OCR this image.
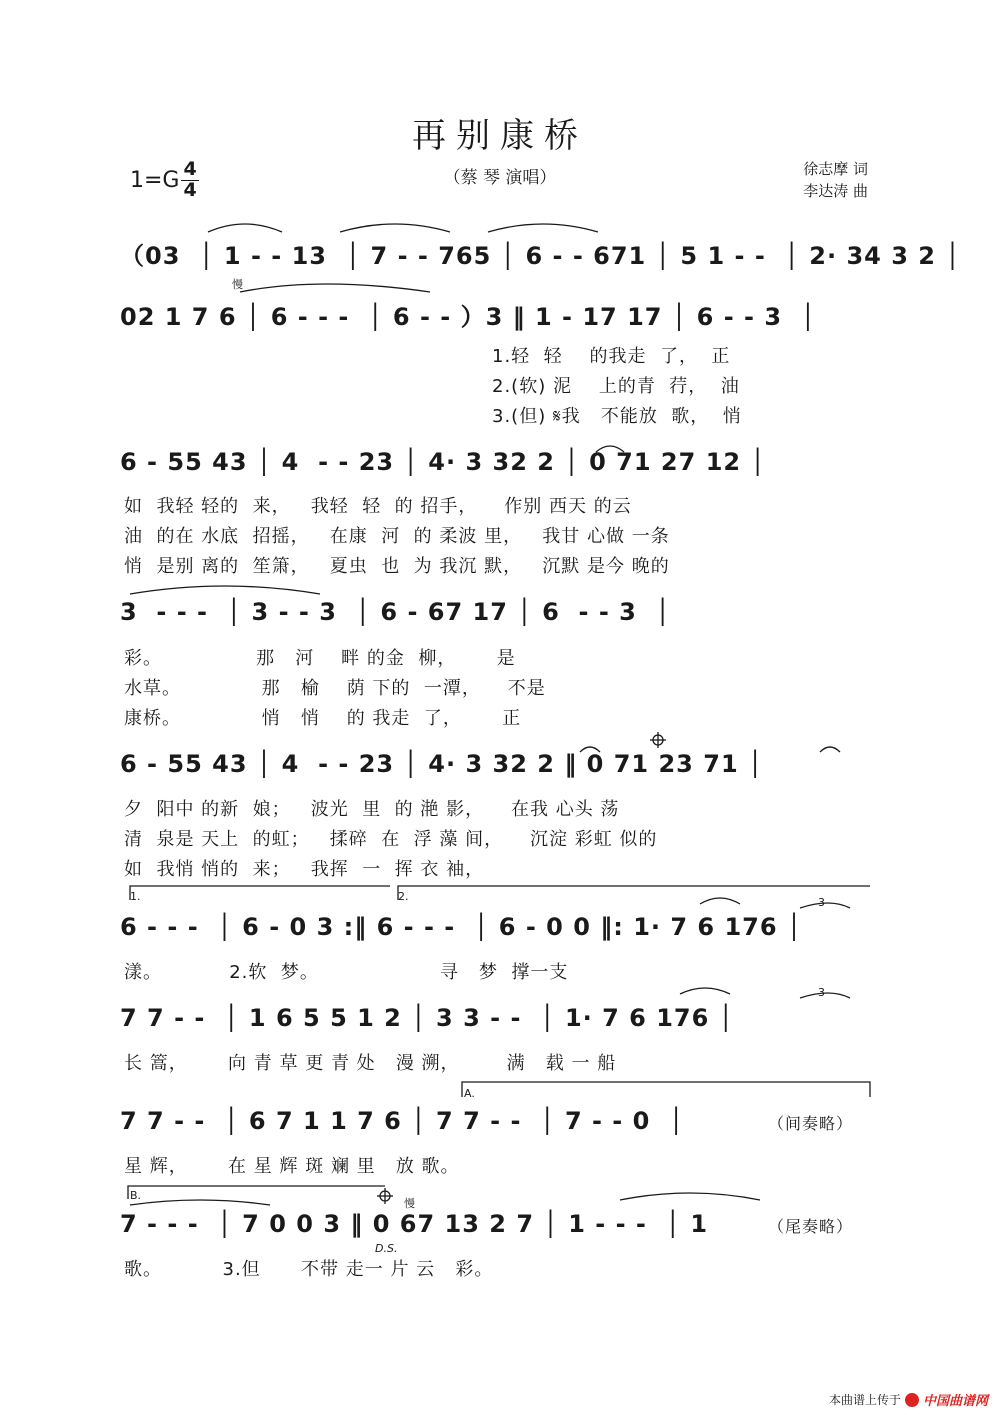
再别康桥
$1=G \frac{4}{4}$	（蔡 琴 演唱）	徐志摩 词
李达涛 曲
（03  │ 1 - - 13  │ 7 - - 765 │ 6 - - 671 │ 5 1 - -  │ 2· 34 3 2 │
02 1 7 6 │ 6 - - -  │ 6 - - ）3 ‖ 1 - 17 17 │ 6 - - 3  │
6 - 55 43 │ 4  - - 23 │ 4· 3 32 2 │ 0 71 27 12 │
3  - - -  │ 3 - - 3  │ 6 - 67 17 │ 6  - - 3  │
6 - 55 43 │ 4  - - 23 │ 4· 3 32 2 ‖ 0 71 23 71 │
6 - - -  │ 6 - 0 3 :‖ 6 - - -  │ 6 - 0 0 ‖: 1· 7 6 176 │
7 7 - -  │ 1 6 5 5 1 2 │ 3 3 - -  │ 1· 7 6 176 │
7 7 - -  │ 6 7 1 1 7 6 │ 7 7 - -  │ 7 - - 0  │
7 - - -  │ 7 0 0 3 ‖ 0 67 13 2 7 │ 1 - - -  │ 1
1.轻  轻    的我走  了，  正
2.(软) 泥    上的青  荇，  油
3.(但) 𝄋我   不能放  歌，  悄
如  我轻 轻的  来，   我轻  轻  的 招手，    作别 西天 的云
油  的在 水底  招摇，   在康  河  的 柔波 里，   我甘 心做 一条
悄  是别 离的  笙箫，   夏虫  也  为 我沉 默，   沉默 是今 晚的
彩。              那   河    畔 的金  柳，      是
水草。            那   榆    荫 下的  一潭，    不是
康桥。            悄   悄    的 我走  了，      正
夕  阳中 的新  娘；   波光  里  的 滟 影，    在我 心头 荡
清  泉是 天上  的虹；   揉碎  在  浮 藻 间，    沉淀 彩虹 似的
如  我悄 悄的  来；   我挥  一  挥 衣 袖，
漾。          2.软  梦。                  寻   梦  撑一支
长 篙，      向 青 草 更 青 处   漫 溯，       满   载 一 船
星 辉，      在 星 辉 斑 斓 里   放 歌。
歌。         3.但      不带 走一 片 云   彩。
慢
慢
1.	2.
A.
B.
3
3
D.S.
（间奏略）
（尾奏略）
本曲谱上传于 中国曲谱网
